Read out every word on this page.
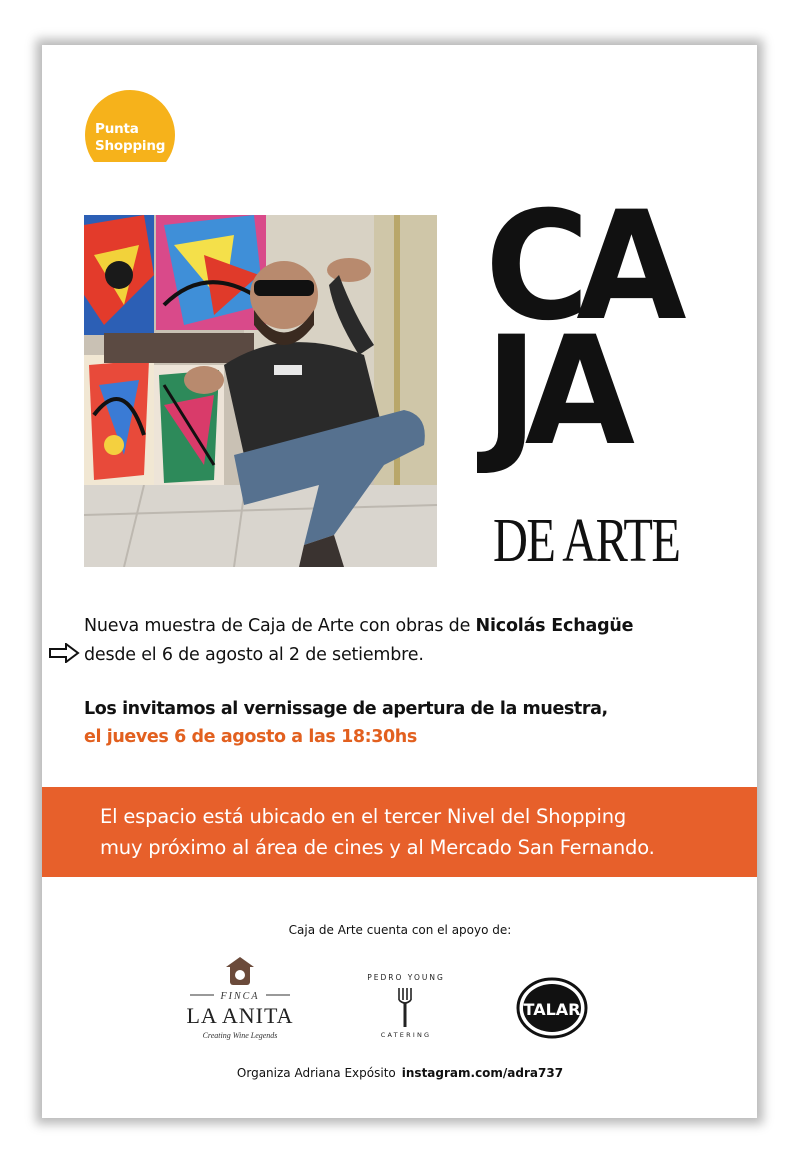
Punta
Shopping
CA
JA
DE ARTE
Nueva muestra de Caja de Arte con obras de Nicolás Echagüe
desde el 6 de agosto al 2 de setiembre.
Los invitamos al vernissage de apertura de la muestra,
el jueves 6 de agosto a las 18:30hs
El espacio está ubicado en el tercer Nivel del Shopping
muy próximo al área de cines y al Mercado San Fernando.
Caja de Arte cuenta con el apoyo de:
FINCA
LA ANITA
Creating Wine Legends
PEDRO YOUNG
CATERING
TALAR
Organiza Adriana Expósito instagram.com/adra737
